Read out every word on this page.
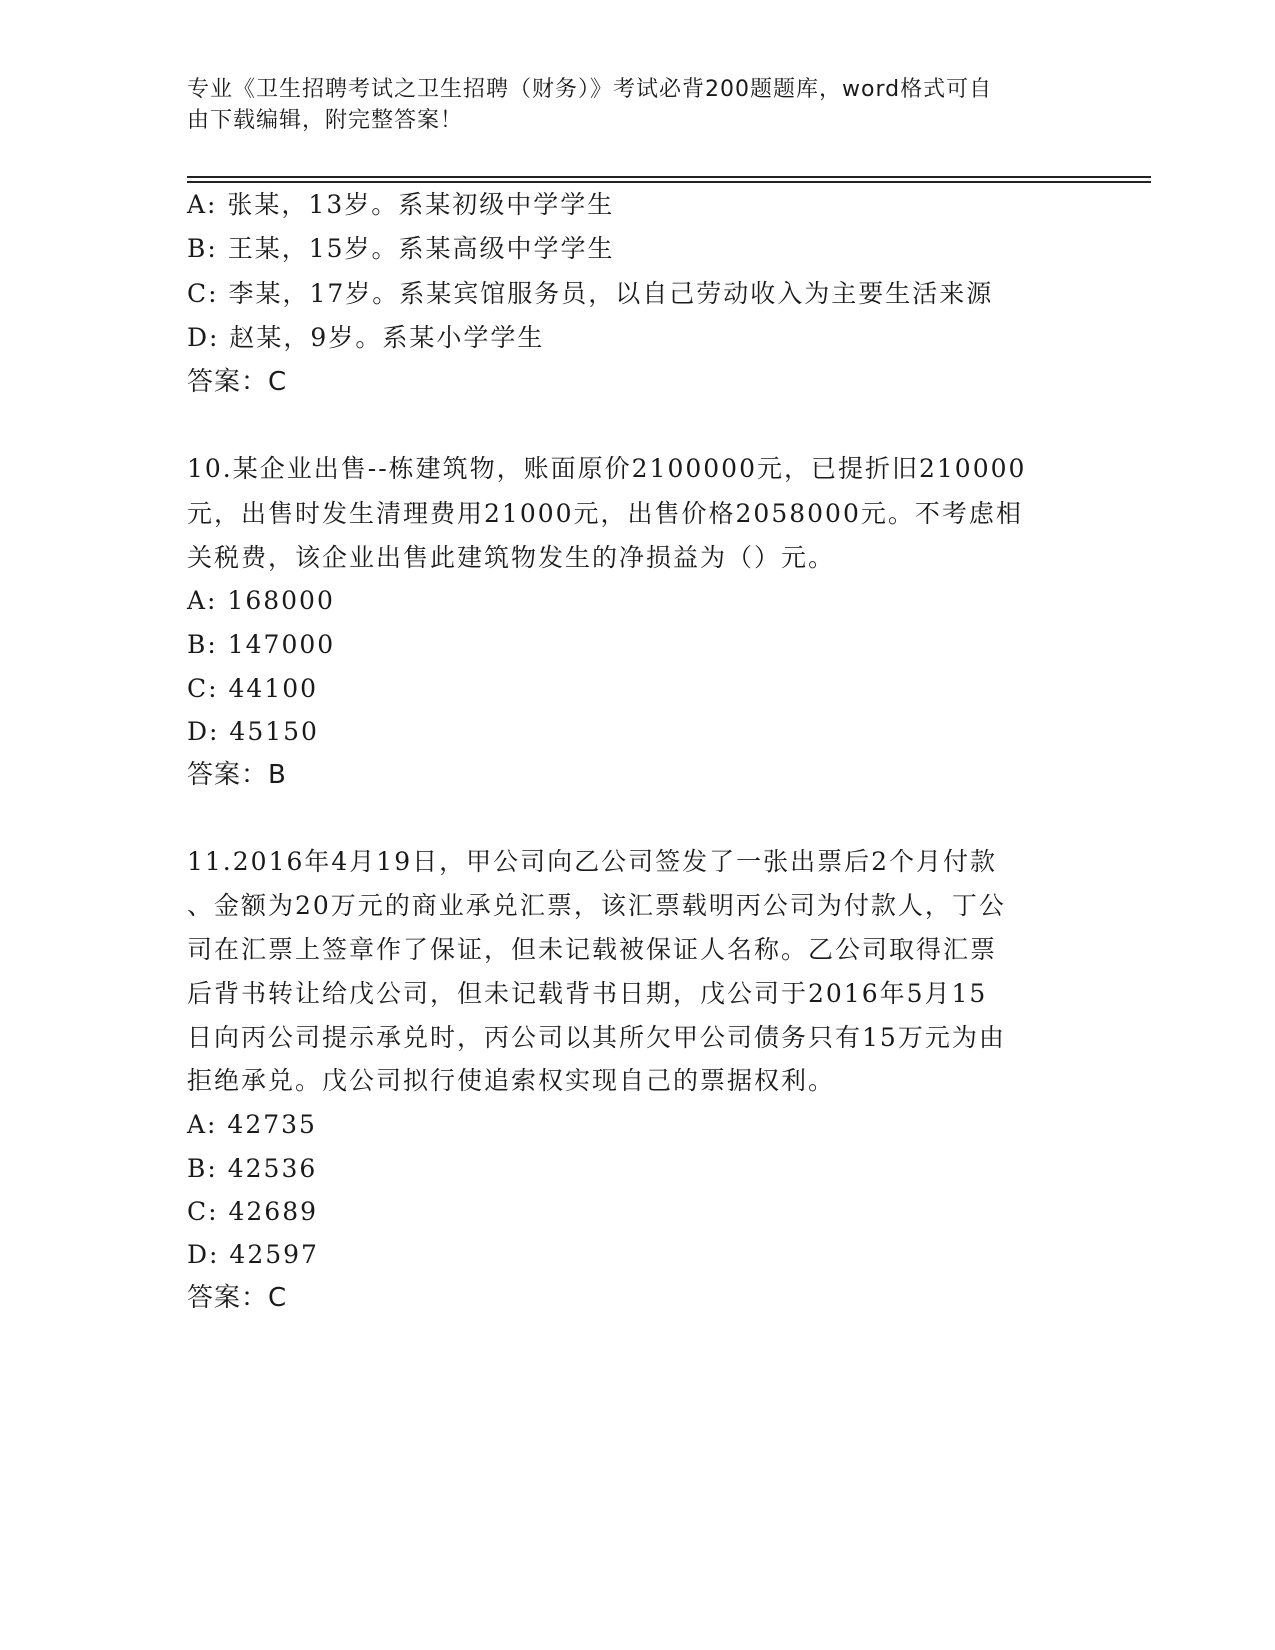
专业《卫生招聘考试之卫生招聘（财务）》考试必背200题题库，word格式可自
由下载编辑，附完整答案！
A: 张某，13岁。系某初级中学学生
B: 王某，15岁。系某高级中学学生
C: 李某，17岁。系某宾馆服务员，以自己劳动收入为主要生活来源
D: 赵某，9岁。系某小学学生
答案：C
10.某企业出售--栋建筑物，账面原价2100000元，已提折旧210000
元，出售时发生清理费用21000元，出售价格2058000元。不考虑相
关税费，该企业出售此建筑物发生的净损益为（）元。
A: 168000
B: 147000
C: 44100
D: 45150
答案：B
11.2016年4月19日，甲公司向乙公司签发了一张出票后2个月付款
、金额为20万元的商业承兑汇票，该汇票载明丙公司为付款人，丁公
司在汇票上签章作了保证，但未记载被保证人名称。乙公司取得汇票
后背书转让给戊公司，但未记载背书日期，戊公司于2016年5月15
日向丙公司提示承兑时，丙公司以其所欠甲公司债务只有15万元为由
拒绝承兑。戊公司拟行使追索权实现自己的票据权利。
A: 42735
B: 42536
C: 42689
D: 42597
答案：C
